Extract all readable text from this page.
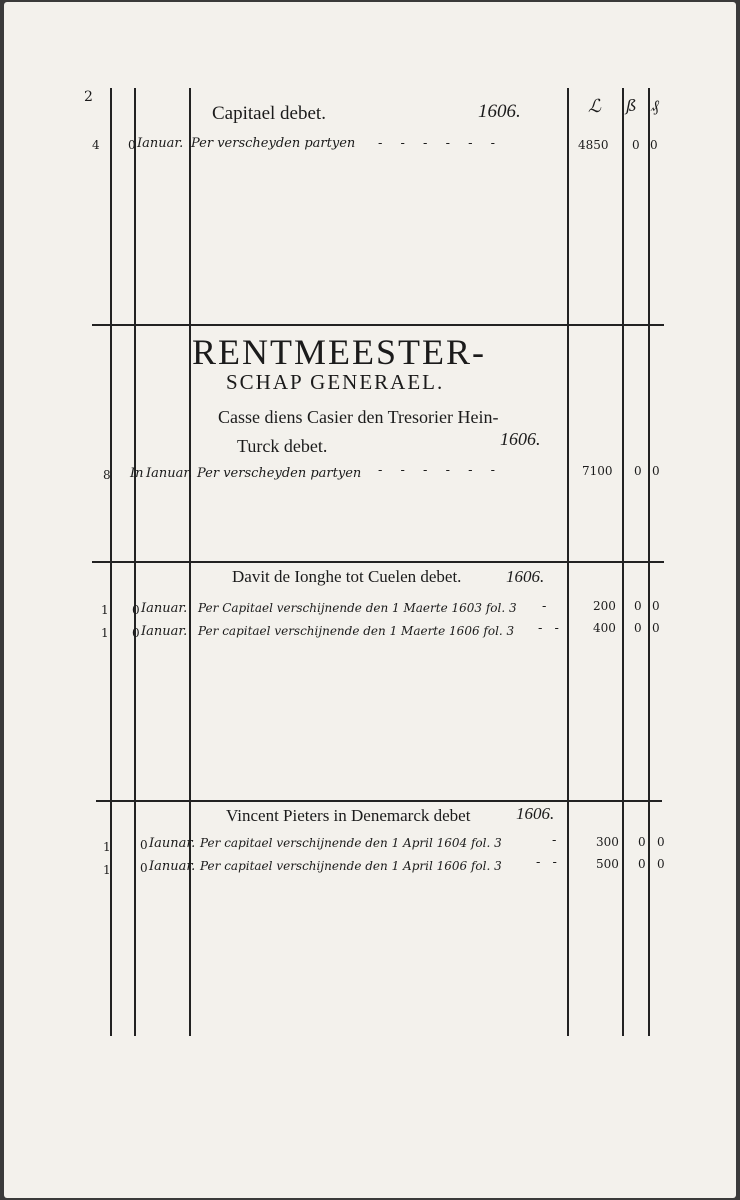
2	ℒ ß ₰
Capitael debet.	1606.
4 0 Ianuar. Per verscheyden partyen - - - - - -	4850 0 0
RENTMEESTER-
SCHAP GENERAEL.
Casse diens Casier den Tresorier Hein-
Turck debet.	1606.
8 In Ianuar. Per verscheyden partyen - - - - - -	7100 0 0
Davit de Ionghe tot Cuelen debet.	1606.
1 0 Ianuar. Per Capitael verschijnende den 1 Maerte 1603 fol. 3 -	200 0 0
1 0 Ianuar. Per capitael verschijnende den 1 Maerte 1606 fol. 3 - -	400 0 0
Vincent Pieters in Denemarck debet	1606.
1 0 Iaunar. Per capitael verschijnende den 1 April 1604 fol. 3	-	300 0 0
1 0 Ianuar. Per capitael verschijnende den 1 April 1606 fol. 3	- -	500 0 0
